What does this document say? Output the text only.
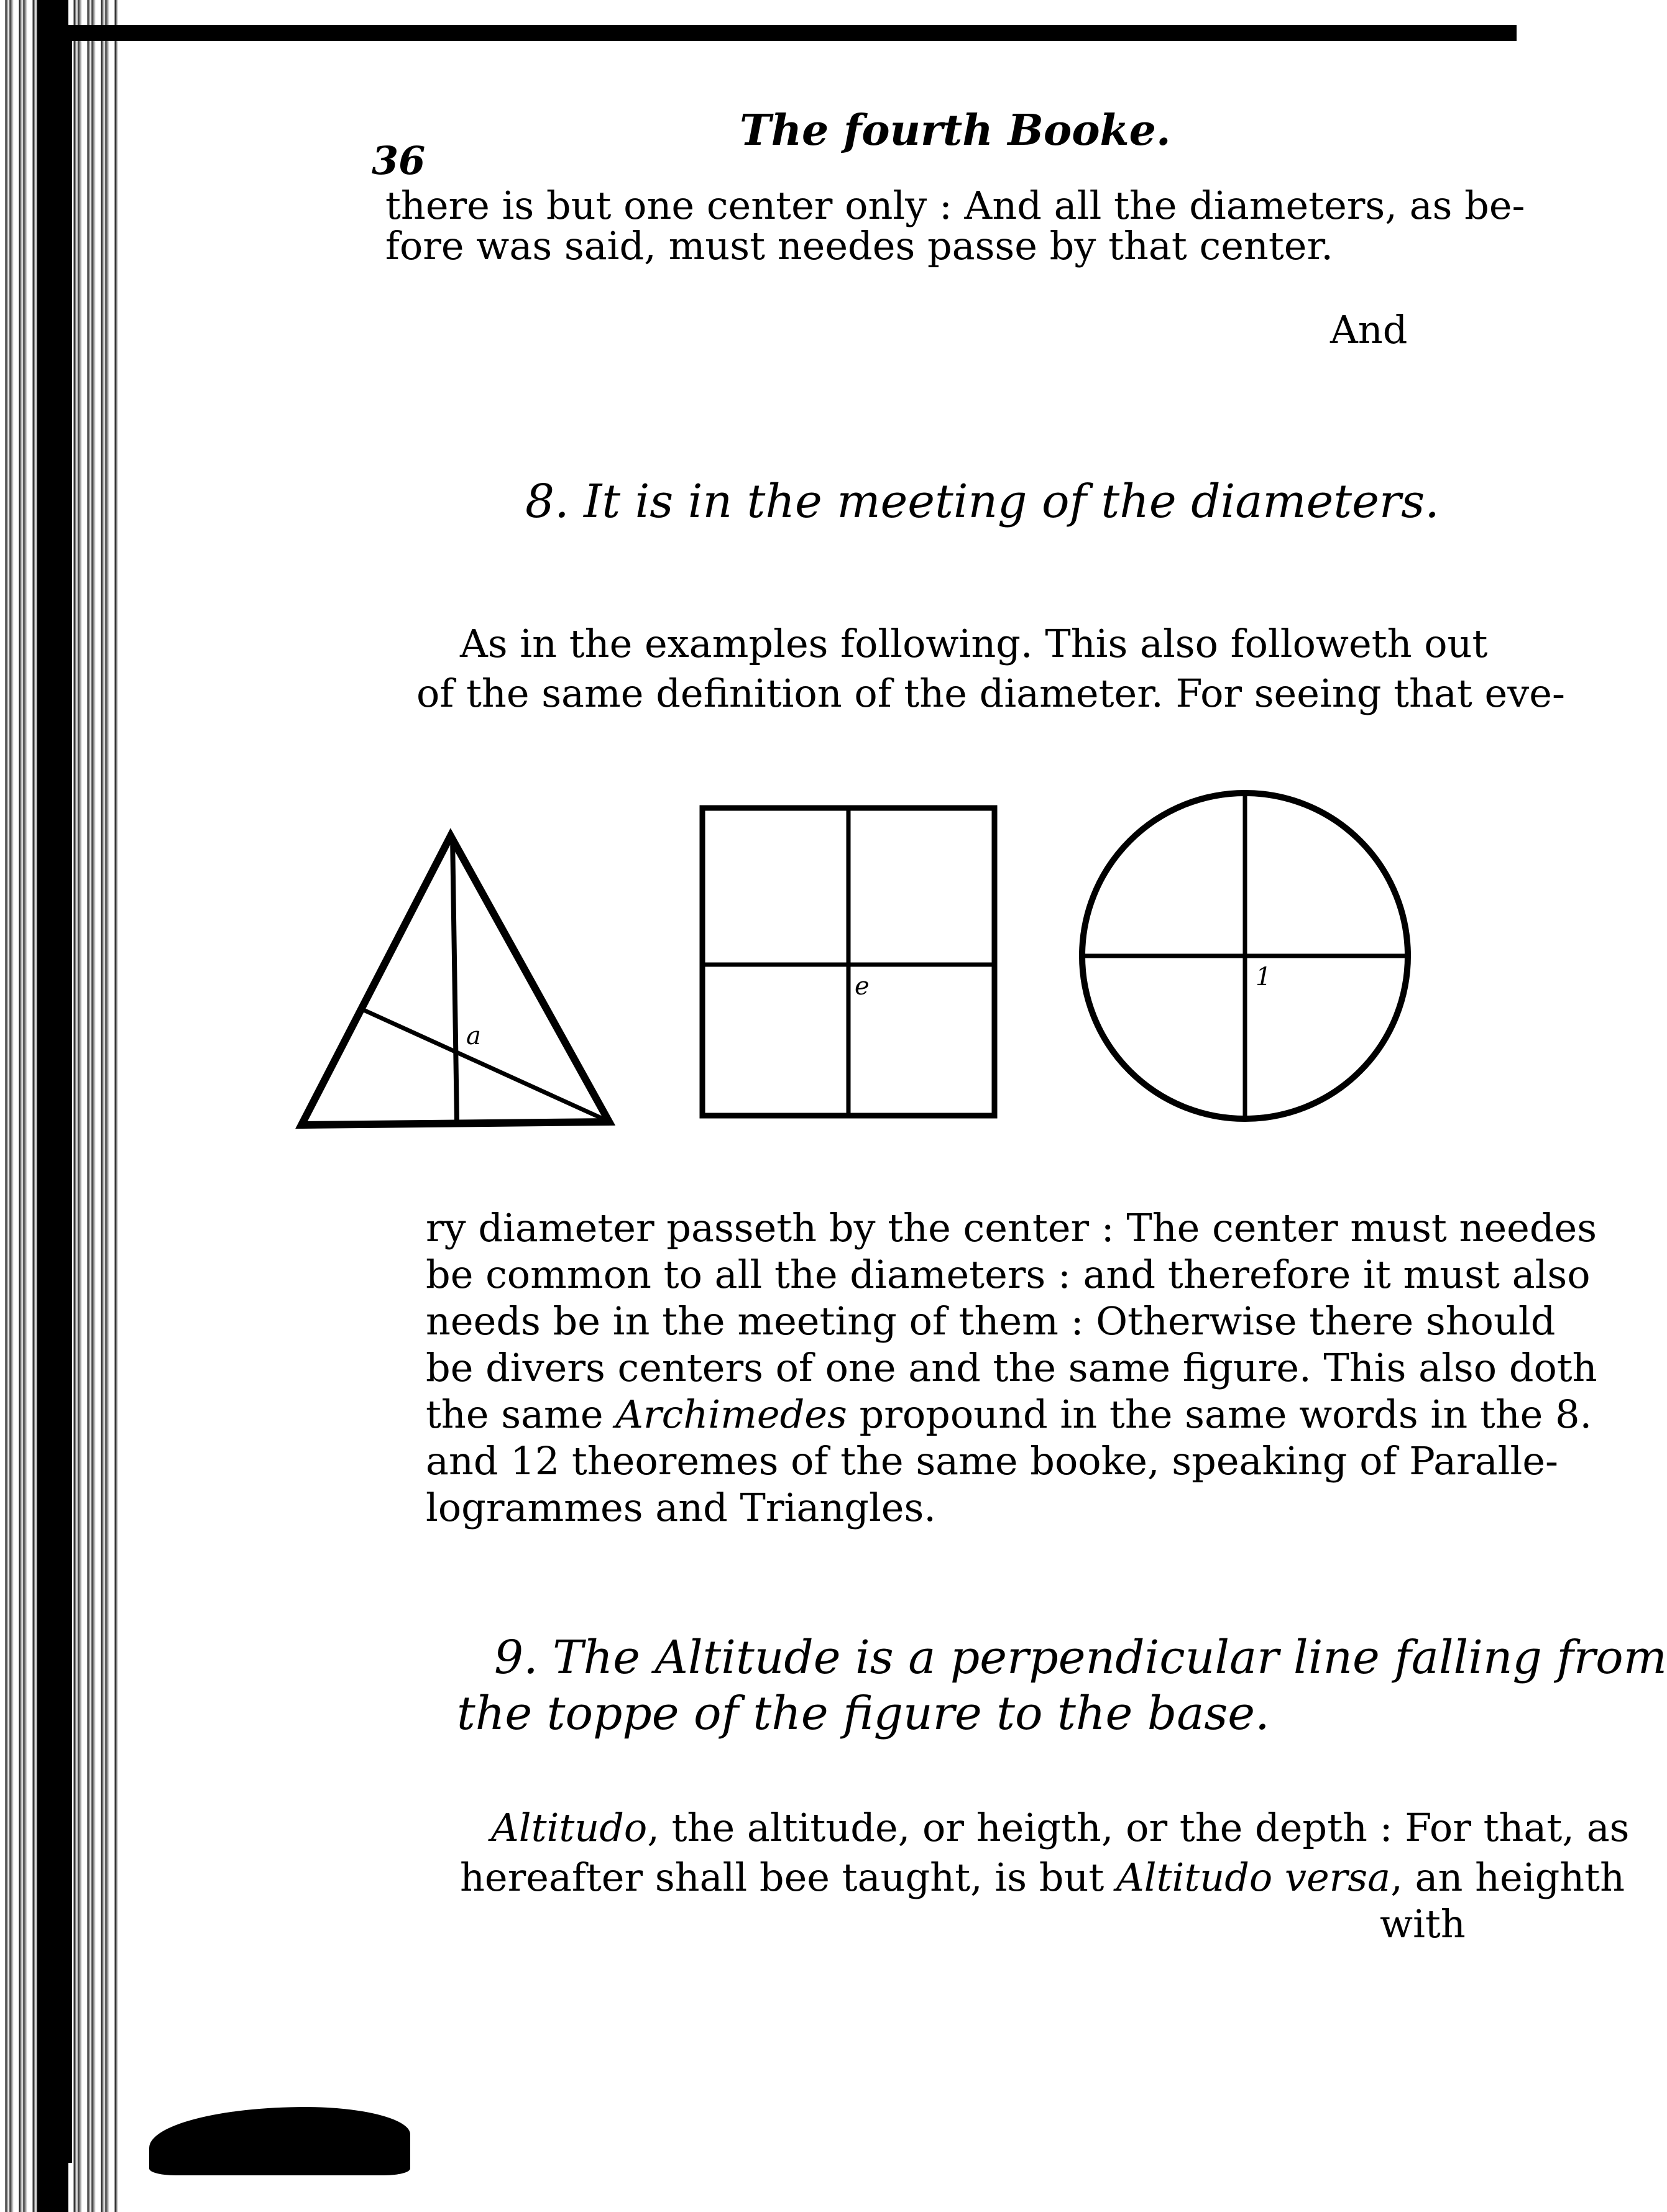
36
The fourth Booke.
there is but one center only : And all the diameters, as be-
fore was said, must needes passe by that center.
And
8. It is in the meeting of the diameters.
As in the examples following. This also followeth out
of the same definition of the diameter. For seeing that eve-
a
e	1
ry diameter passeth by the center : The center must needes
be common to all the diameters : and therefore it must also
needs be in the meeting of them : Otherwise there should
be divers centers of one and the same figure. This also doth
the same Archimedes propound in the same words in the 8.
and 12 theoremes of the same booke, speaking of Paralle-
logrammes and Triangles.
9. The Altitude is a perpendicular line falling from
the toppe of the figure to the base.
Altitudo, the altitude, or heigth, or the depth : For that, as
hereafter shall bee taught, is but Altitudo versa, an heighth
with
